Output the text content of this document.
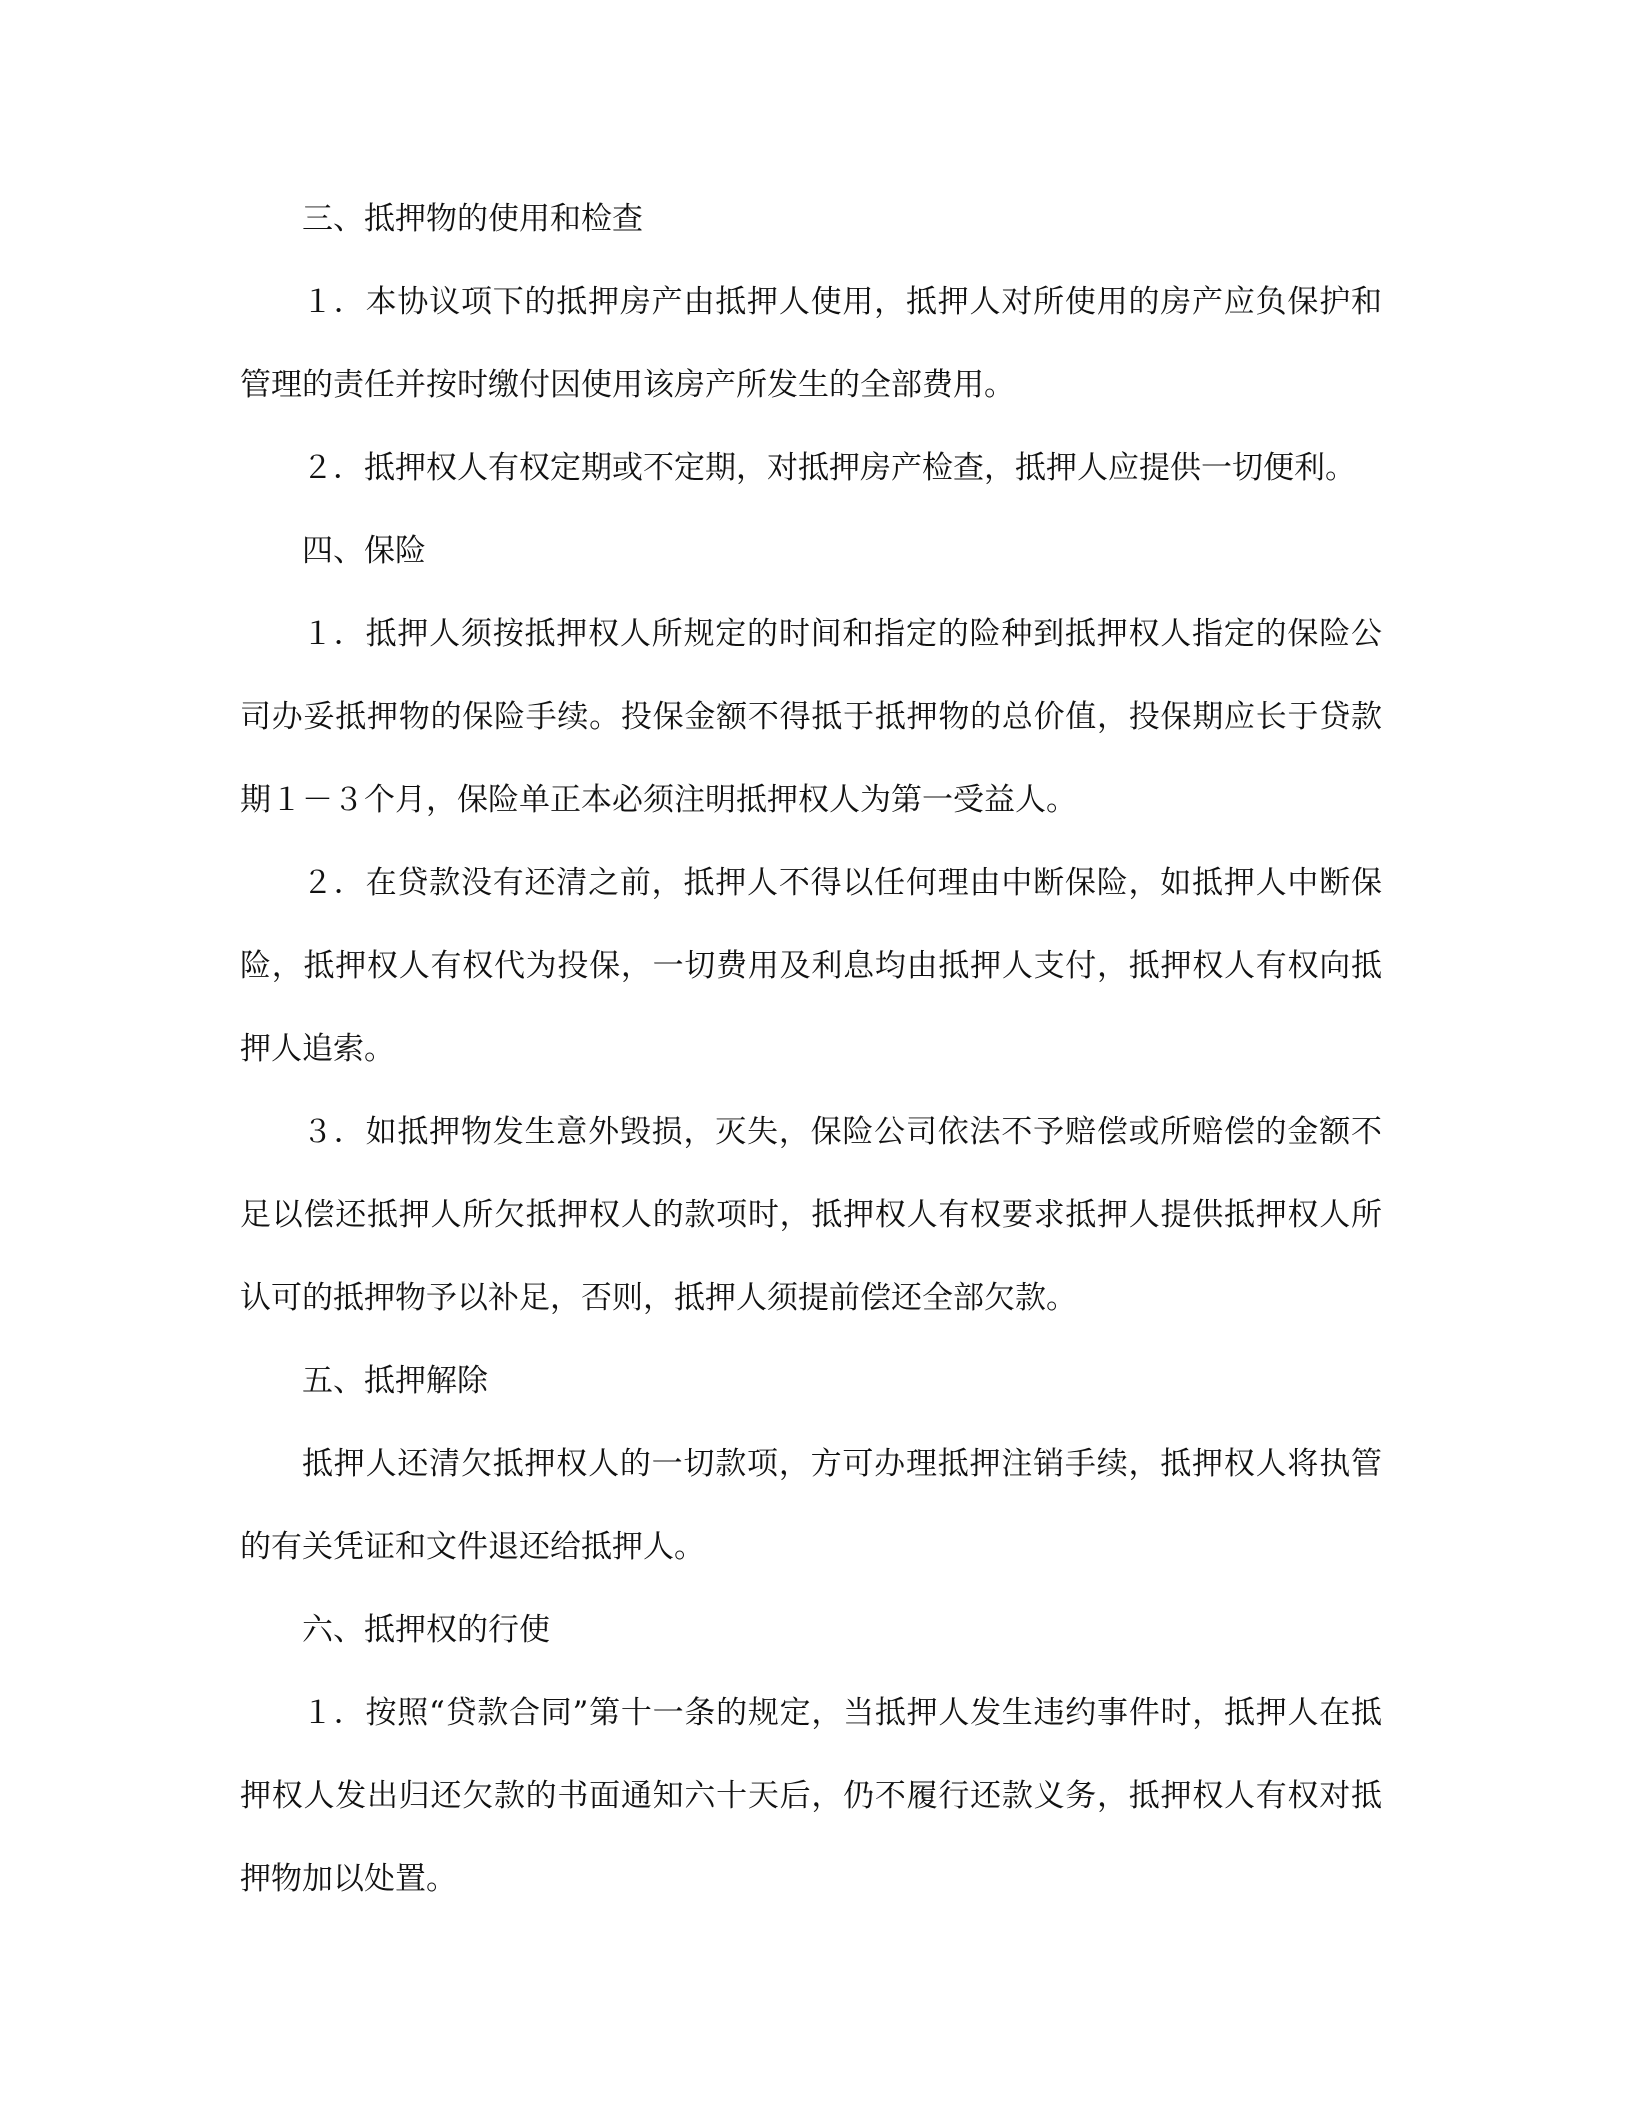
三、抵押物的使用和检查

１．本协议项下的抵押房产由抵押人使用，抵押人对所使用的房产应负保护和管理的责任并按时缴付因使用该房产所发生的全部费用。

２．抵押权人有权定期或不定期，对抵押房产检查，抵押人应提供一切便利。

四、保险

１．抵押人须按抵押权人所规定的时间和指定的险种到抵押权人指定的保险公司办妥抵押物的保险手续。投保金额不得抵于抵押物的总价值，投保期应长于贷款期１－３个月，保险单正本必须注明抵押权人为第一受益人。

２．在贷款没有还清之前，抵押人不得以任何理由中断保险，如抵押人中断保险，抵押权人有权代为投保，一切费用及利息均由抵押人支付，抵押权人有权向抵押人追索。

３．如抵押物发生意外毁损，灭失，保险公司依法不予赔偿或所赔偿的金额不足以偿还抵押人所欠抵押权人的款项时，抵押权人有权要求抵押人提供抵押权人所认可的抵押物予以补足，否则，抵押人须提前偿还全部欠款。

五、抵押解除

抵押人还清欠抵押权人的一切款项，方可办理抵押注销手续，抵押权人将执管的有关凭证和文件退还给抵押人。

六、抵押权的行使

１．按照“贷款合同”第十一条的规定，当抵押人发生违约事件时，抵押人在抵押权人发出归还欠款的书面通知六十天后，仍不履行还款义务，抵押权人有权对抵押物加以处置。
